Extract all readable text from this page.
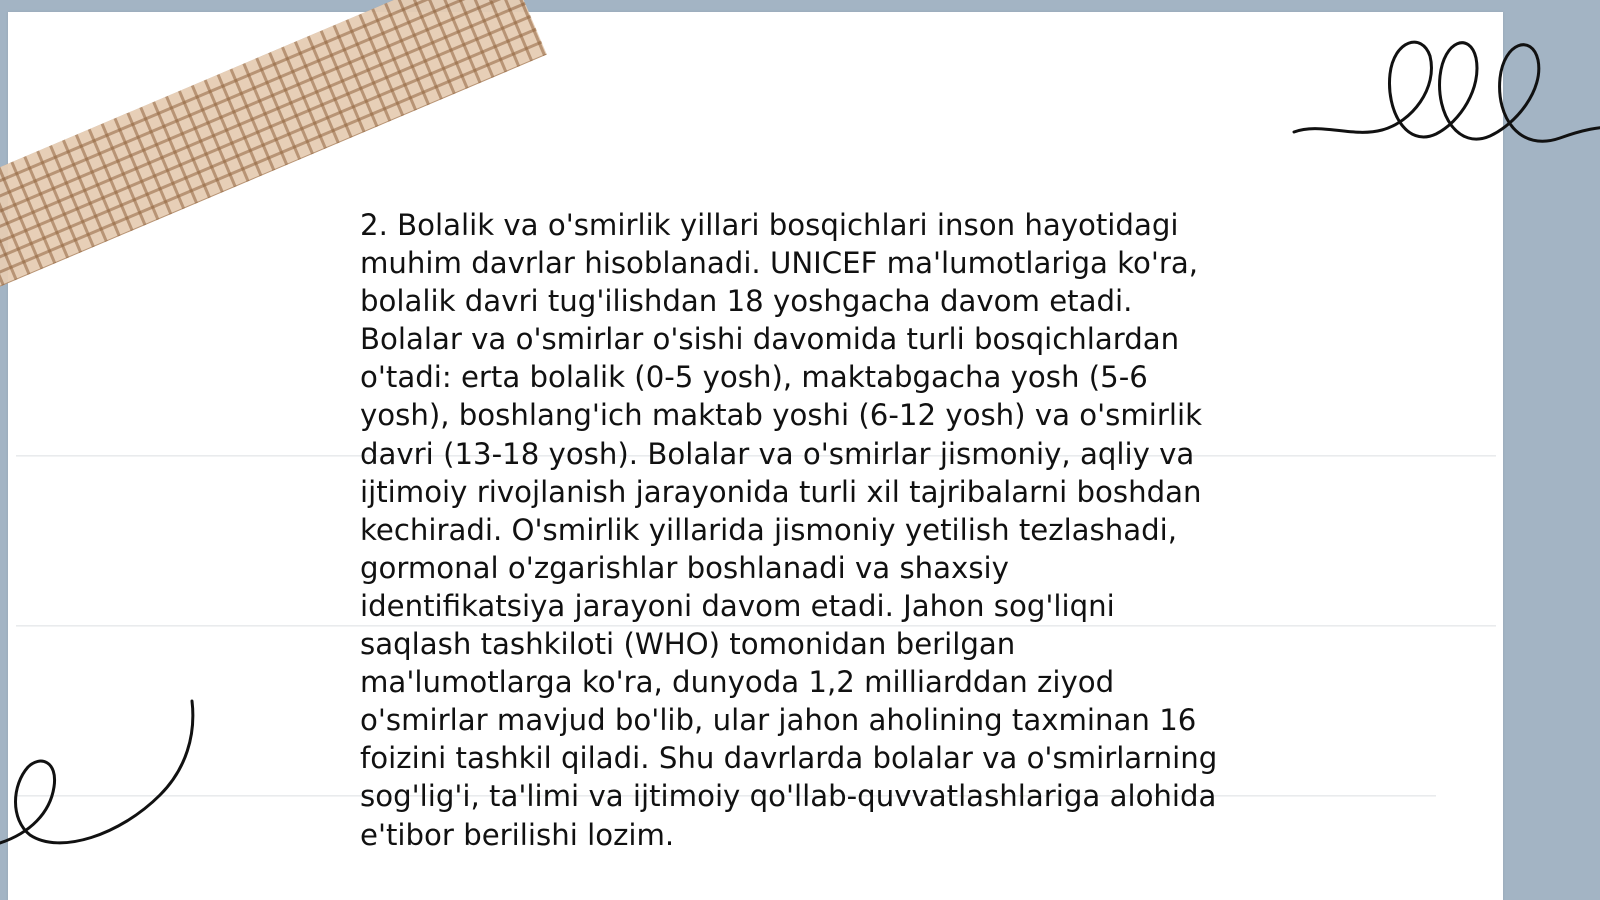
2. Bolalik va o'smirlik yillari bosqichlari inson hayotidagi
muhim davrlar hisoblanadi. UNICEF ma'lumotlariga ko'ra,
bolalik davri tug'ilishdan 18 yoshgacha davom etadi.
Bolalar va o'smirlar o'sishi davomida turli bosqichlardan
o'tadi: erta bolalik (0-5 yosh), maktabgacha yosh (5-6
yosh), boshlang'ich maktab yoshi (6-12 yosh) va o'smirlik
davri (13-18 yosh). Bolalar va o'smirlar jismoniy, aqliy va
ijtimoiy rivojlanish jarayonida turli xil tajribalarni boshdan
kechiradi. O'smirlik yillarida jismoniy yetilish tezlashadi,
gormonal o'zgarishlar boshlanadi va shaxsiy
identifikatsiya jarayoni davom etadi. Jahon sog'liqni
saqlash tashkiloti (WHO) tomonidan berilgan
ma'lumotlarga ko'ra, dunyoda 1,2 milliarddan ziyod
o'smirlar mavjud bo'lib, ular jahon aholining taxminan 16
foizini tashkil qiladi. Shu davrlarda bolalar va o'smirlarning
sog'lig'i, ta'limi va ijtimoiy qo'llab-quvvatlashlariga alohida
e'tibor berilishi lozim.
